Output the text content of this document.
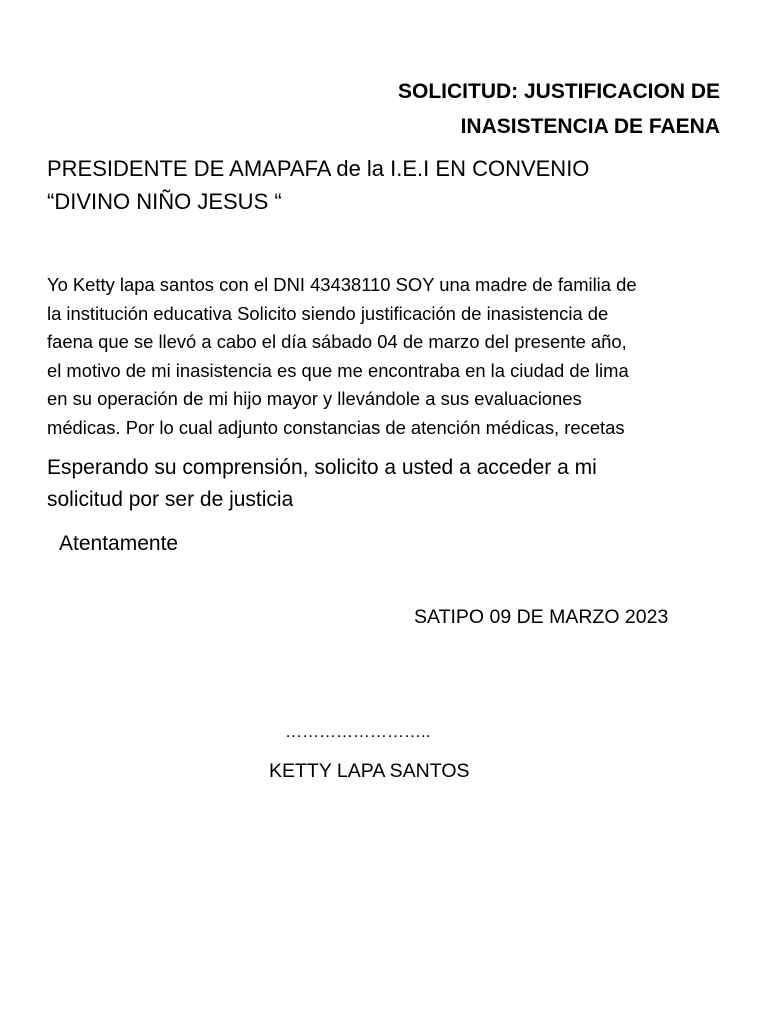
SOLICITUD: JUSTIFICACION DE
INASISTENCIA DE FAENA
PRESIDENTE DE AMAPAFA de la I.E.I EN CONVENIO
“DIVINO NIÑO JESUS “
Yo Ketty lapa santos con el DNI 43438110 SOY una madre de familia de
la institución educativa Solicito siendo justificación de inasistencia de
faena que se llevó a cabo el día sábado 04 de marzo del presente año,
el motivo de mi inasistencia es que me encontraba en la ciudad de lima
en su operación de mi hijo mayor y llevándole a sus evaluaciones
médicas. Por lo cual adjunto constancias de atención médicas, recetas
Esperando su comprensión, solicito a usted a acceder a mi
solicitud por ser de justicia
Atentamente
SATIPO 09 DE MARZO 2023
……………………..
KETTY LAPA SANTOS
